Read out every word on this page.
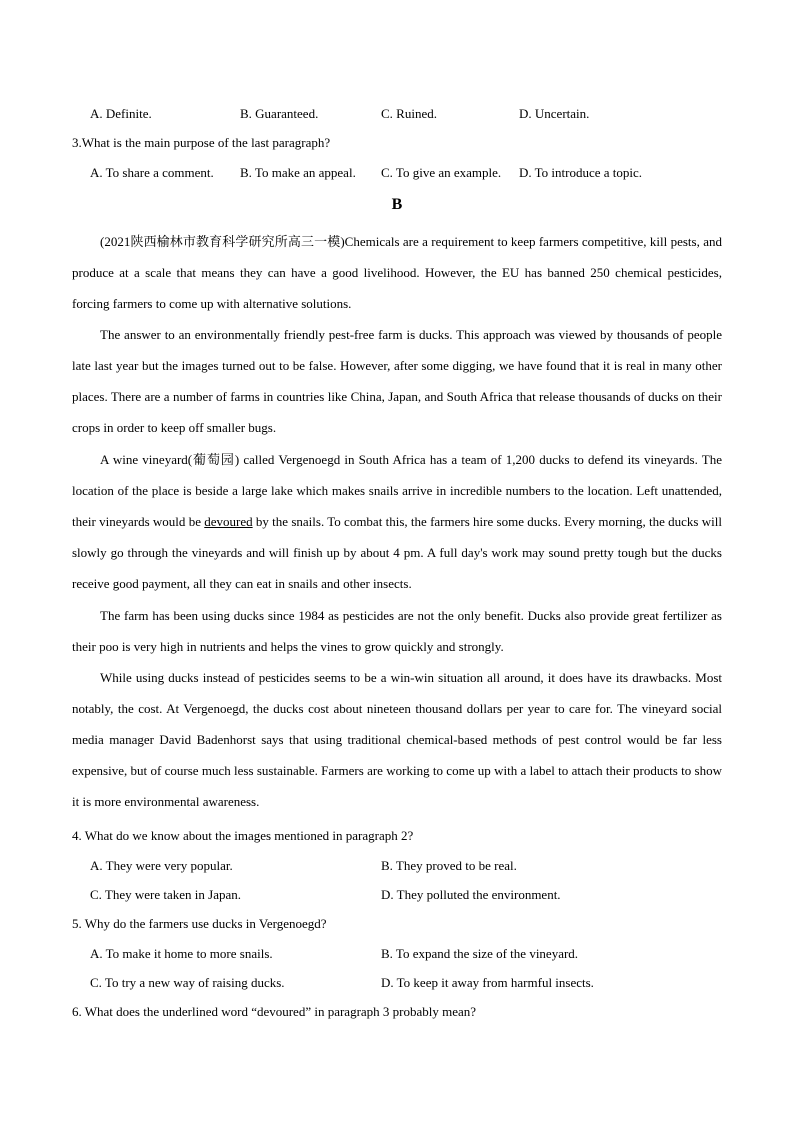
A. Definite.	B. Guaranteed.	C. Ruined.	D. Uncertain.
3.What is the main purpose of the last paragraph?
A. To share a comment. B. To make an appeal. C. To give an example. D. To introduce a topic.
B

(2021陕西榆林市教育科学研究所高三一模)Chemicals are a requirement to keep farmers competitive, kill pests, and produce at a scale that means they can have a good livelihood. However, the EU has banned 250 chemical pesticides, forcing farmers to come up with alternative solutions.

The answer to an environmentally friendly pest-free farm is ducks. This approach was viewed by thousands of people late last year but the images turned out to be false. However, after some digging, we have found that it is real in many other places. There are a number of farms in countries like China, Japan, and South Africa that release thousands of ducks on their crops in order to keep off smaller bugs.

A wine vineyard(葡萄园) called Vergenoegd in South Africa has a team of 1,200 ducks to defend its vineyards. The location of the place is beside a large lake which makes snails arrive in incredible numbers to the location. Left unattended, their vineyards would be devoured by the snails. To combat this, the farmers hire some ducks. Every morning, the ducks will slowly go through the vineyards and will finish up by about 4 pm. A full day's work may sound pretty tough but the ducks receive good payment, all they can eat in snails and other insects.

The farm has been using ducks since 1984 as pesticides are not the only benefit. Ducks also provide great fertilizer as their poo is very high in nutrients and helps the vines to grow quickly and strongly.

While using ducks instead of pesticides seems to be a win-win situation all around, it does have its drawbacks. Most notably, the cost. At Vergenoegd, the ducks cost about nineteen thousand dollars per year to care for. The vineyard social media manager David Badenhorst says that using traditional chemical-based methods of pest control would be far less expensive, but of course much less sustainable. Farmers are working to come up with a label to attach their products to show it is more environmental awareness.

4. What do we know about the images mentioned in paragraph 2?
A. They were very popular.	B. They proved to be real.
C. They were taken in Japan.	D. They polluted the environment.
5. Why do the farmers use ducks in Vergenoegd?
A. To make it home to more snails.	B. To expand the size of the vineyard.
C. To try a new way of raising ducks.	D. To keep it away from harmful insects.
6. What does the underlined word “devoured” in paragraph 3 probably mean?
